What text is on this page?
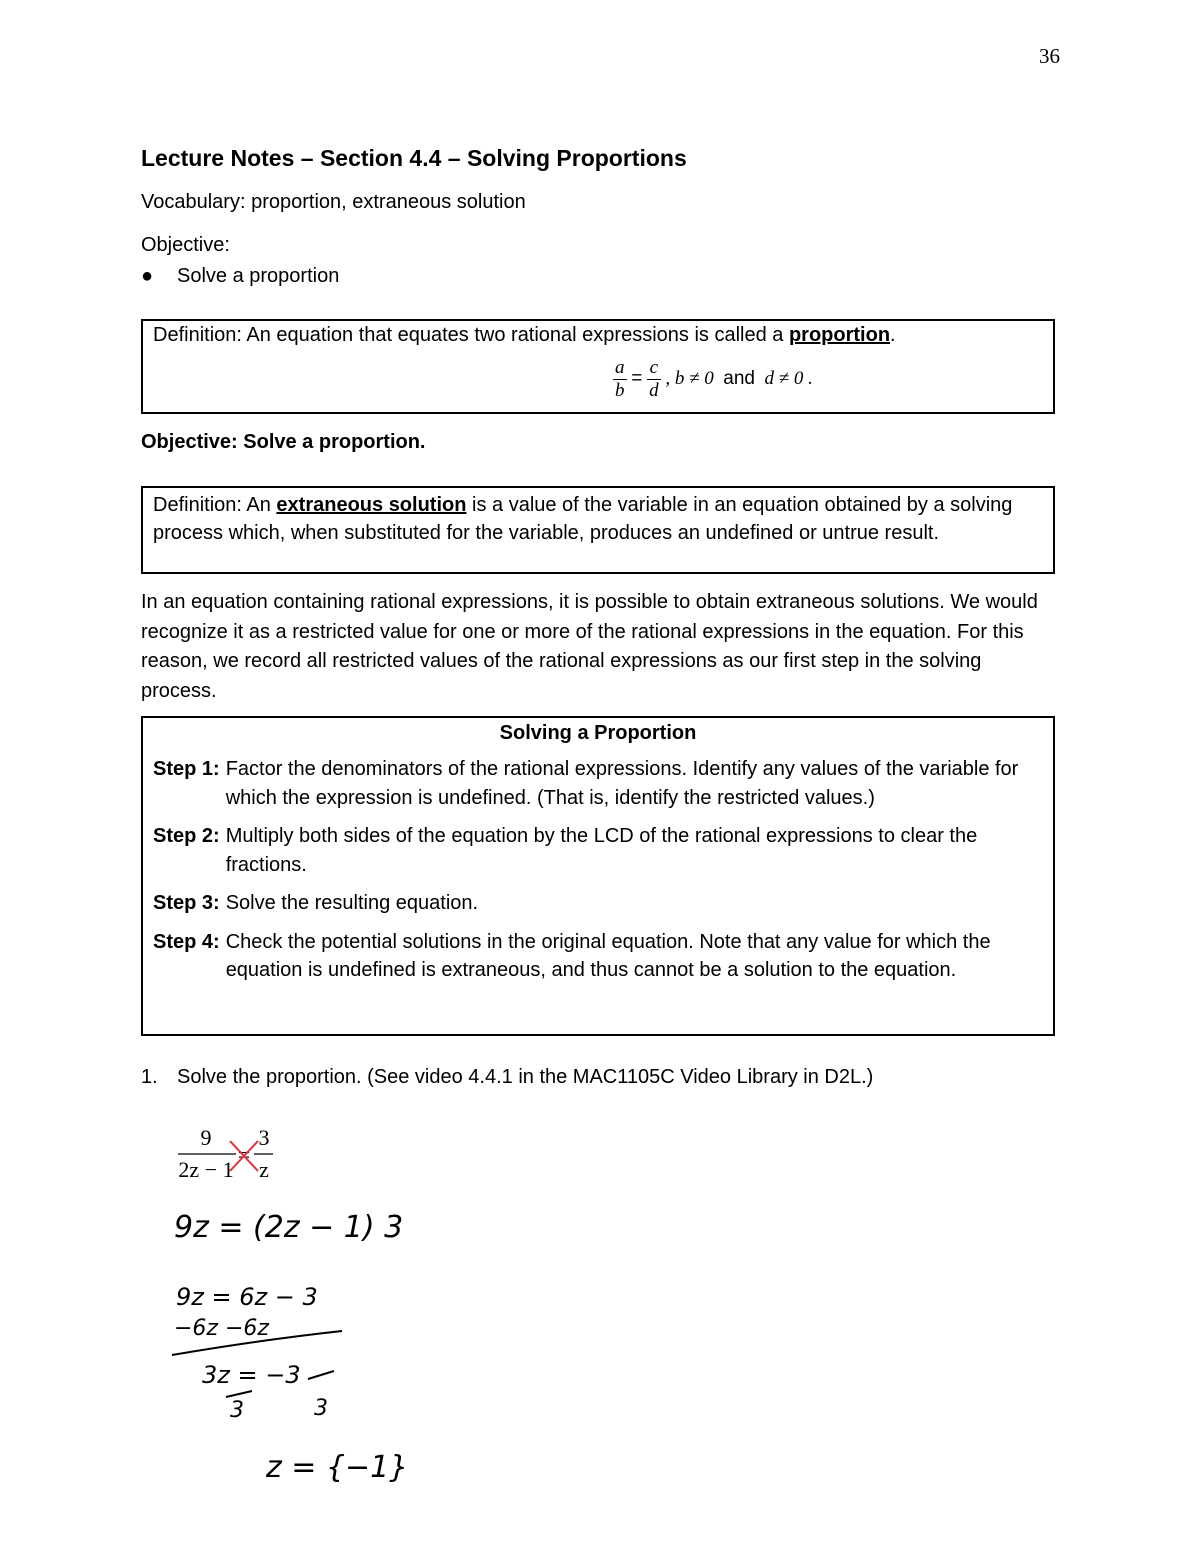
36
Lecture Notes – Section 4.4 – Solving Proportions
Vocabulary: proportion, extraneous solution
Objective:
● Solve a proportion

Definition: An equation that equates two rational expressions is called a proportion.

$\frac{a}{b} = \frac{c}{d}$ , b ≠ 0 and d ≠ 0 .
Objective: Solve a proportion.

Definition: An extraneous solution is a value of the variable in an equation obtained by a solving process which, when substituted for the variable, produces an undefined or untrue result.

In an equation containing rational expressions, it is possible to obtain extraneous solutions. We would recognize it as a restricted value for one or more of the rational expressions in the equation. For this reason, we record all restricted values of the rational expressions as our first step in the solving process.

Solving a Proportion

Step 1: Factor the denominators of the rational expressions. Identify any values of the variable for which the expression is undefined. (That is, identify the restricted values.)
Step 2: Multiply both sides of the equation by the LCD of the rational expressions to clear the fractions.
Step 3: Solve the resulting equation.
Step 4: Check the potential solutions in the original equation. Note that any value for which the equation is undefined is extraneous, and thus cannot be a solution to the equation.
1. Solve the proportion. (See video 4.4.1 in the MAC1105C Video Library in D2L.)
9
2z − 1
=
3
z
9z = (2z − 1) 3
9z = 6z − 3
−6z −6z
3z = −3
3	3
z = {−1}
